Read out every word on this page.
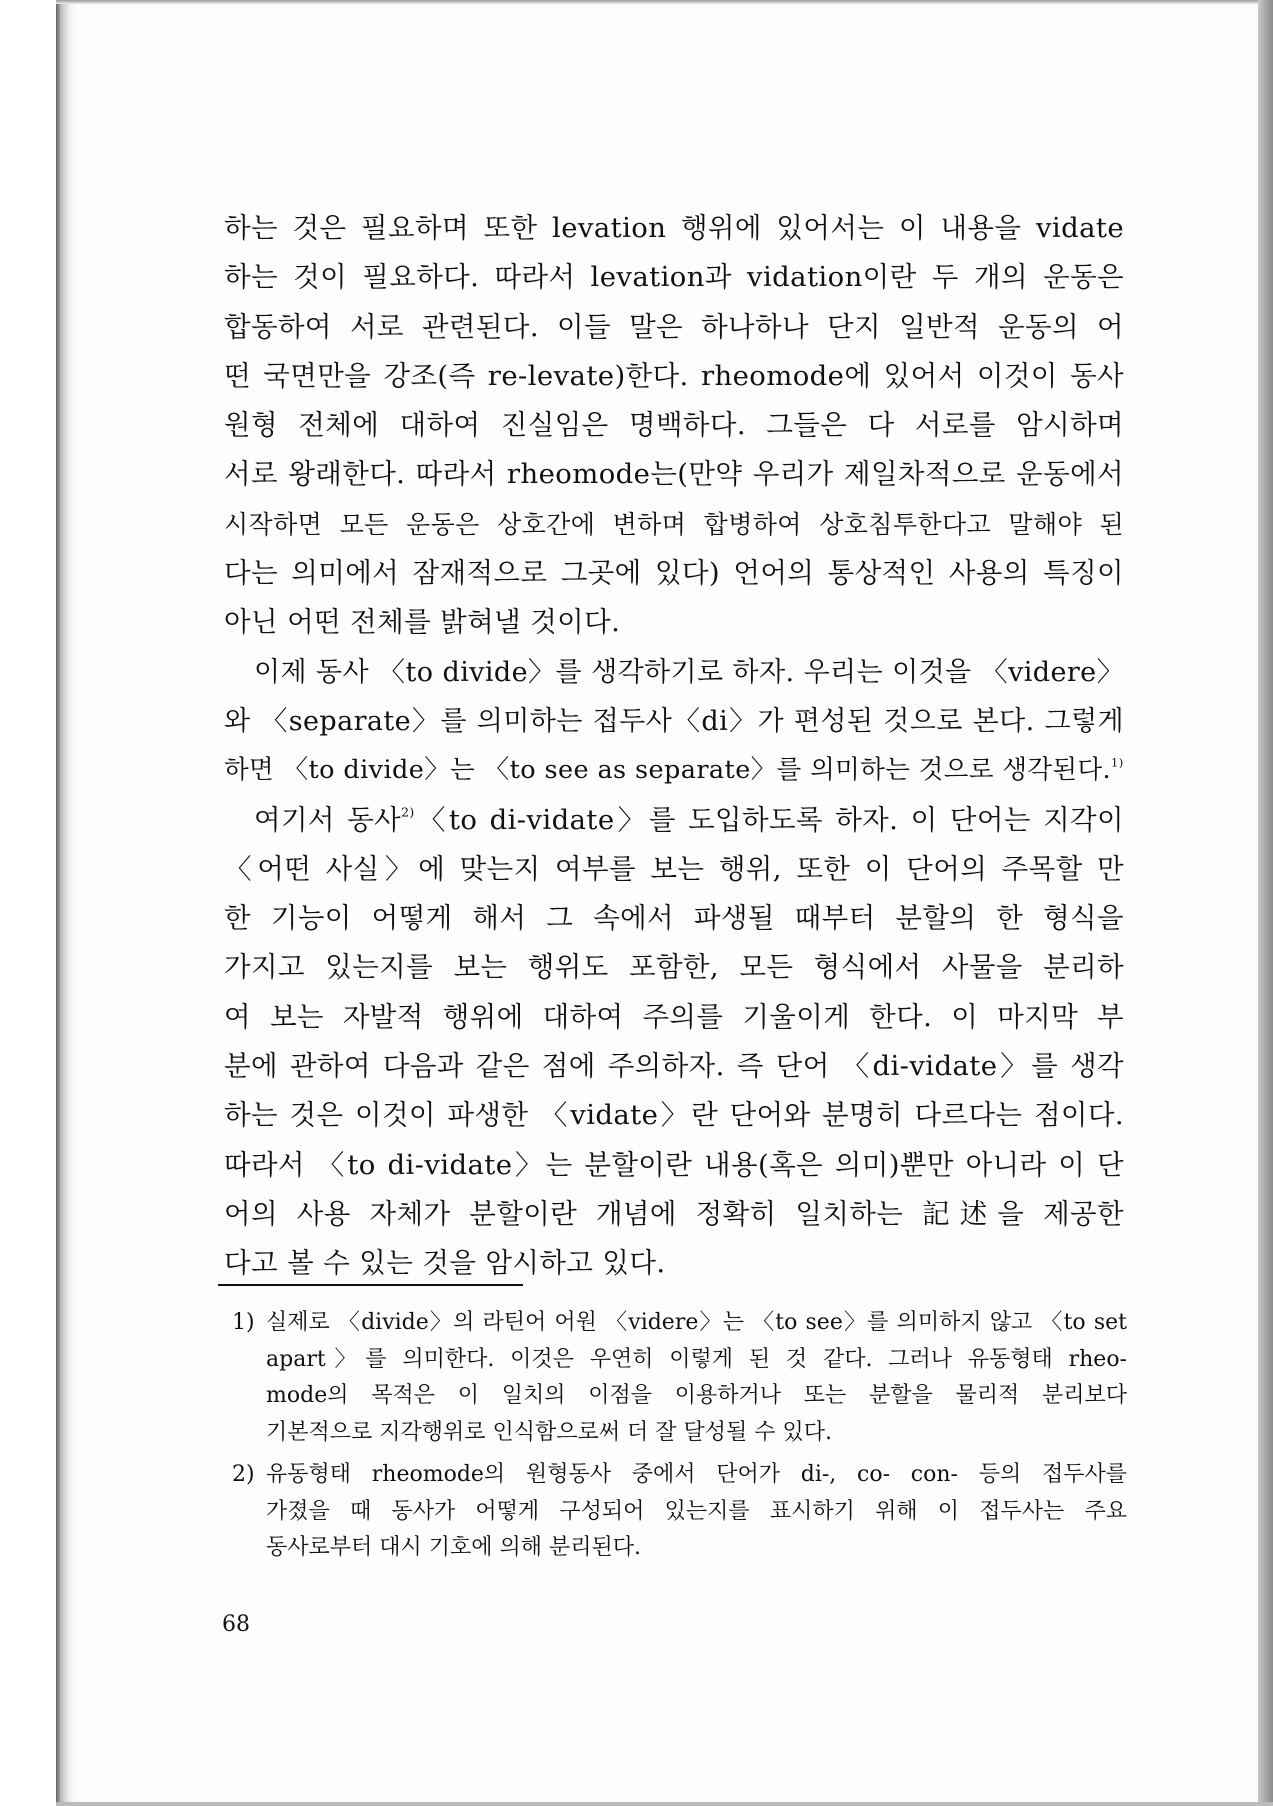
하는 것은 필요하며 또한 levation 행위에 있어서는 이 내용을 vidate
하는 것이 필요하다. 따라서 levation과 vidation이란 두 개의 운동은
합동하여 서로 관련된다. 이들 말은 하나하나 단지 일반적 운동의 어
떤 국면만을 강조(즉 re-levate)한다. rheomode에 있어서 이것이 동사
원형 전체에 대하여 진실임은 명백하다. 그들은 다 서로를 암시하며
서로 왕래한다. 따라서 rheomode는(만약 우리가 제일차적으로 운동에서
시작하면 모든 운동은 상호간에 변하며 합병하여 상호침투한다고 말해야 된
다는 의미에서 잠재적으로 그곳에 있다) 언어의 통상적인 사용의 특징이
아닌 어떤 전체를 밝혀낼 것이다.
이제 동사 〈to divide〉를 생각하기로 하자. 우리는 이것을 〈videre〉
와 〈separate〉를 의미하는 접두사〈di〉가 편성된 것으로 본다. 그렇게
하면 〈to divide〉는 〈to see as separate〉를 의미하는 것으로 생각된다.$^{1)}$
여기서 동사$^{2)}$〈to di-vidate〉를 도입하도록 하자. 이 단어는 지각이
〈어떤 사실〉에 맞는지 여부를 보는 행위, 또한 이 단어의 주목할 만
한 기능이 어떻게 해서 그 속에서 파생될 때부터 분할의 한 형식을
가지고 있는지를 보는 행위도 포함한, 모든 형식에서 사물을 분리하
여 보는 자발적 행위에 대하여 주의를 기울이게 한다. 이 마지막 부
분에 관하여 다음과 같은 점에 주의하자. 즉 단어 〈di-vidate〉를 생각
하는 것은 이것이 파생한 〈vidate〉란 단어와 분명히 다르다는 점이다.
따라서 〈to di-vidate〉는 분할이란 내용(혹은 의미)뿐만 아니라 이 단
어의 사용 자체가 분할이란 개념에 정확히 일치하는 記述을 제공한
다고 볼 수 있는 것을 암시하고 있다.
1) 실제로 〈divide〉의 라틴어 어원 〈videre〉는 〈to see〉를 의미하지 않고 〈to set
apart〉를 의미한다. 이것은 우연히 이렇게 된 것 같다. 그러나 유동형태 rheo-
mode의 목적은 이 일치의 이점을 이용하거나 또는 분할을 물리적 분리보다
기본적으로 지각행위로 인식함으로써 더 잘 달성될 수 있다.
2) 유동형태 rheomode의 원형동사 중에서 단어가 di-, co- con- 등의 접두사를
가졌을 때 동사가 어떻게 구성되어 있는지를 표시하기 위해 이 접두사는 주요
동사로부터 대시 기호에 의해 분리된다.
68
